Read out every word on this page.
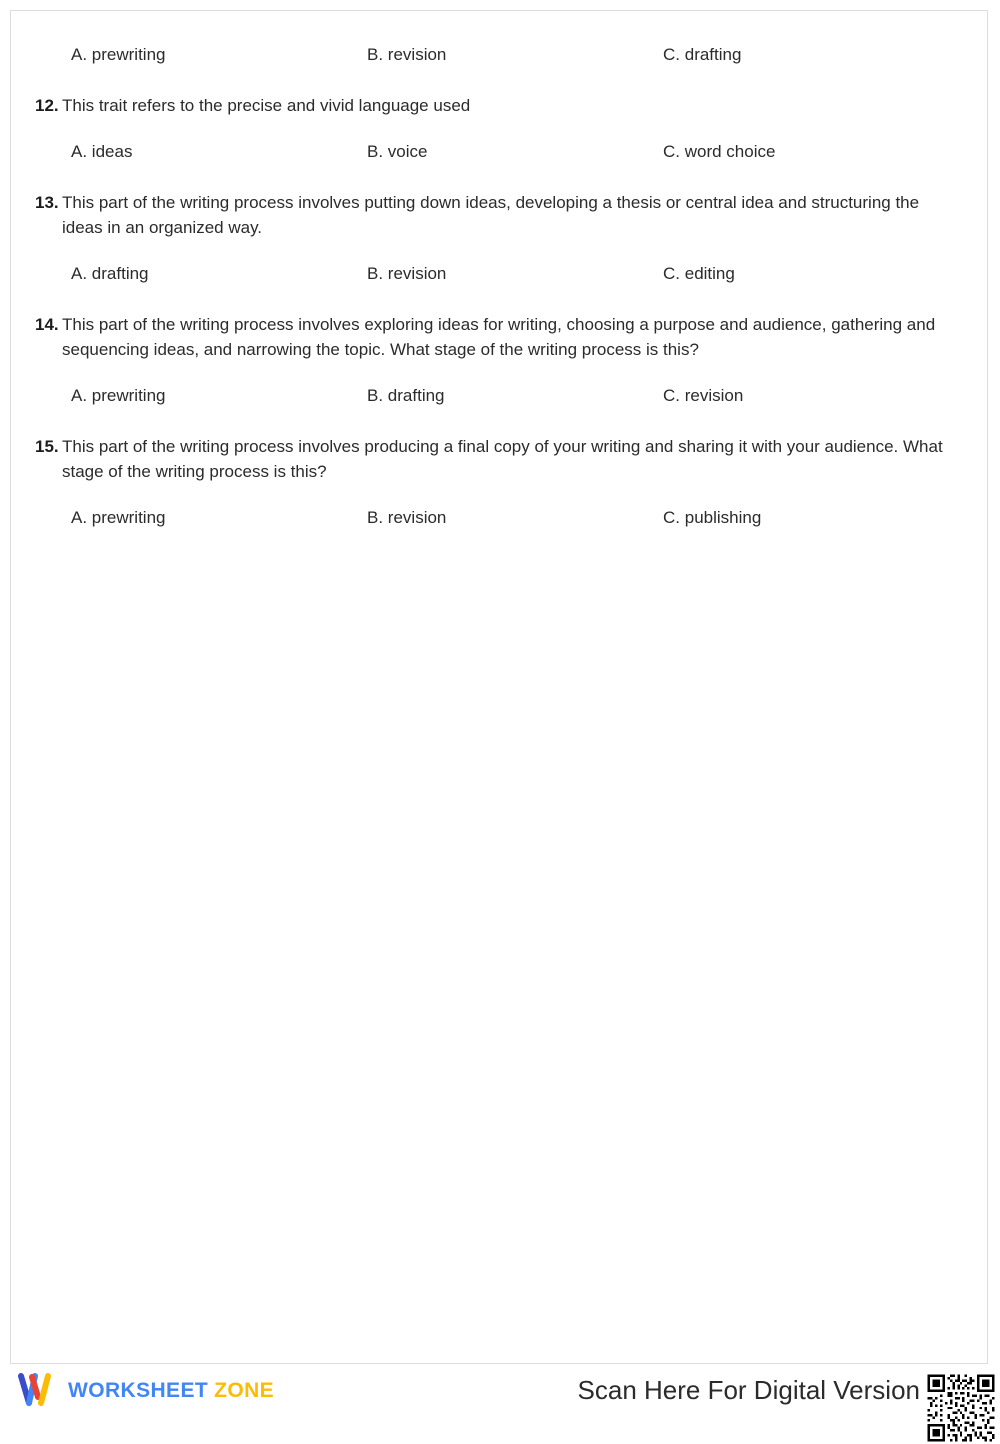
A. prewriting	B. revision	C. drafting
12. This trait refers to the precise and vivid language used
A. ideas	B. voice	C. word choice
13. This part of the writing process involves putting down ideas, developing a thesis or central idea and structuring the ideas in an organized way.
A. drafting	B. revision	C. editing
14. This part of the writing process involves exploring ideas for writing, choosing a purpose and audience, gathering and sequencing ideas, and narrowing the topic. What stage of the writing process is this?
A. prewriting	B. drafting	C. revision
15. This part of the writing process involves producing a final copy of your writing and sharing it with your audience. What stage of the writing process is this?
A. prewriting	B. revision	C. publishing
WORKSHEET ZONE	Scan Here For Digital Version
